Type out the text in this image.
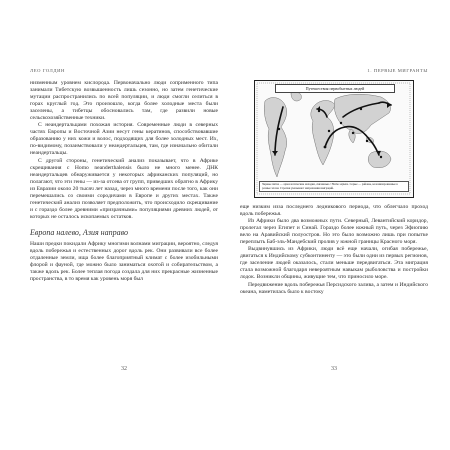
ЛЕО ГОЛДИН

низменным уровнем кислорода. Первоначально люди соприменного типа занимали Тибетскую возвышенность лишь сезонно, но затем генетические мутации распространились по всей популяции, и люди смогли селиться в горах круглый год. Это произошло, когда более холодные места были заселены, а тибетцы обосновались там, где развили новые сельскохозяйственные техники.

С неандертальцами похожая история. Современные люди в северных частях Европы и Восточной Азии несут гены кератинов, способствовавшие образованию у них кожи и волос, подходящих для более холодных мест. Их, по-видимому, позаимствовали у неандертальцев, там, где изначально обитали неандертальцы.

С другой стороны, генетический анализ показывает, что в Африке скрещивания с Homo neanderthalensis было не много менее. ДНК неандертальцев обнаруживается у некоторых африканских популяций, но полагают, что эти гены — из-за отсева от групп, приведших обратно в Африку из Евразии около 20 тысяч лет назад, через много времени после того, как они перемешались со своими сородичами в Европе и других местах. Также генетический анализ позволяет предположить, что происходило скрещивание и с гораздо более древними «призрачными» популяциями древних людей, от которых не осталось ископаемых остатков.

Европа налево, Азия направо

Наши предки покидали Африку многими волнами миграции, вероятно, следуя вдоль побережья и естественных дорог вдоль рек. Они развивали все более отдаленные земли, ища более благоприятный климат с более изобильными флорой и фауной, где можно было заниматься охотой и собирательством, а также вдоль рек. Более теплая погода создала для них прекрасные жизненные пространства, в то время как уровень моря был

32
1. ПЕРВЫЕ МИГРАНТЫ
Путешествия первобытных людей
Черные пятна — археологические находки, связанные с Homo sapiens. Серые — районы, колонизированные в разные эпохи. Стрелки указывают направления миграций.

еще низким изза последнего ледникового периода, что облегчало проход вдоль побережья.

Из Африки было два возможных пути. Северный, Левантийский коридор, пролегал через Египет и Синай. Гораздо более южный путь, через Эфиопию вело на Аравийский полуостров. Но это было возможно лишь при попытке переплыть Баб-эль-Мандебский пролив у южной границы Красного моря.

Выдвинувшись из Африки, люди всё еще начали, огибая побережье, двигаться к Индийскому субконтиненту — это были одни из первых регионов, где заселение людей оказалось, стали меньше передвигаться. Эта миграция стала возможной благодаря невероятным навыкам рыболовства и постройки лодок. Возникли общины, живущие тем, что приносило море.

Передвижение вдоль побережья Персидского залива, а затем и Индийского океана, наметилась было к востоку

33
